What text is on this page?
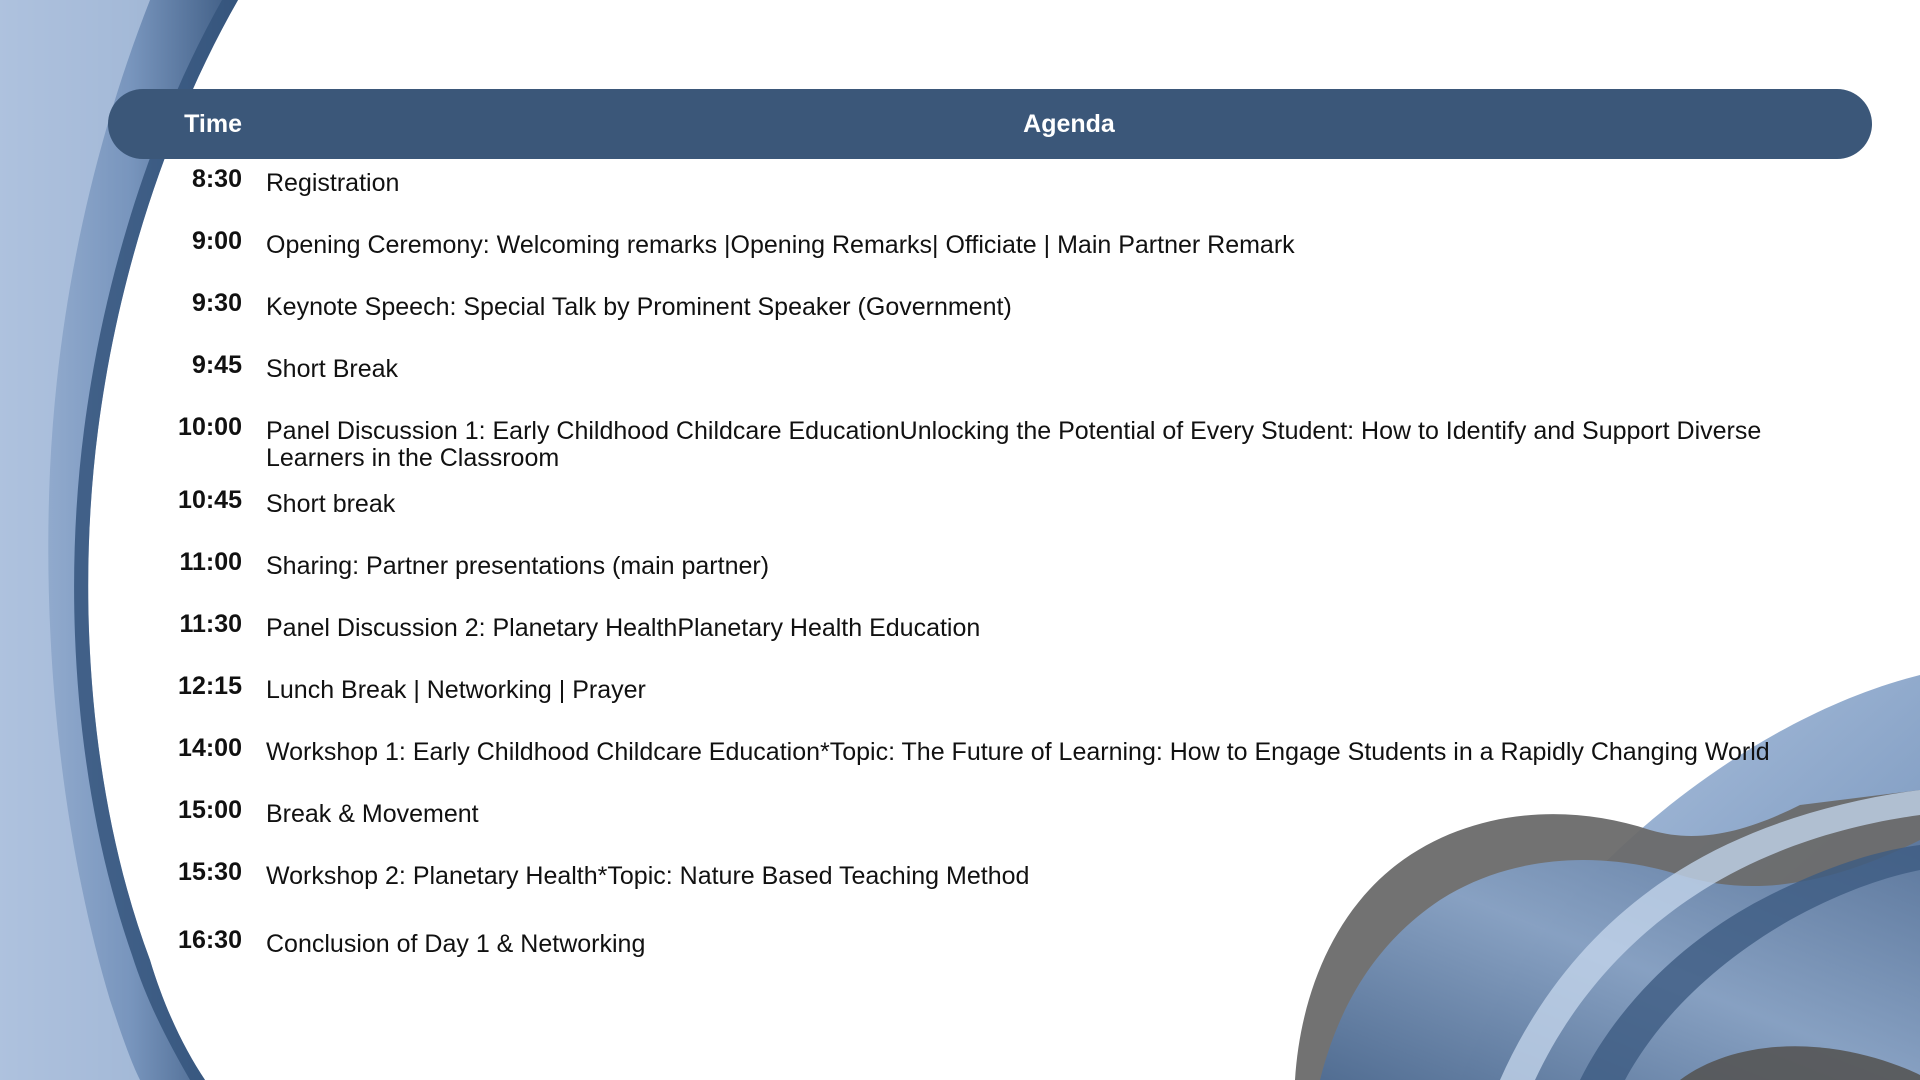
Time	Agenda
8:30 Registration
9:00 Opening Ceremony: Welcoming remarks |Opening Remarks| Officiate | Main Partner Remark
9:30 Keynote Speech: Special Talk by Prominent Speaker (Government)
9:45 Short Break
10:00 Panel Discussion 1: Early Childhood Childcare EducationUnlocking the Potential of Every Student: How to Identify and Support Diverse Learners in the Classroom
10:45 Short break
11:00 Sharing: Partner presentations (main partner)
11:30 Panel Discussion 2: Planetary HealthPlanetary Health Education
12:15 Lunch Break | Networking | Prayer
14:00 Workshop 1: Early Childhood Childcare Education*Topic: The Future of Learning: How to Engage Students in a Rapidly Changing World
15:00 Break & Movement
15:30 Workshop 2: Planetary Health*Topic: Nature Based Teaching Method
16:30 Conclusion of Day 1 & Networking
